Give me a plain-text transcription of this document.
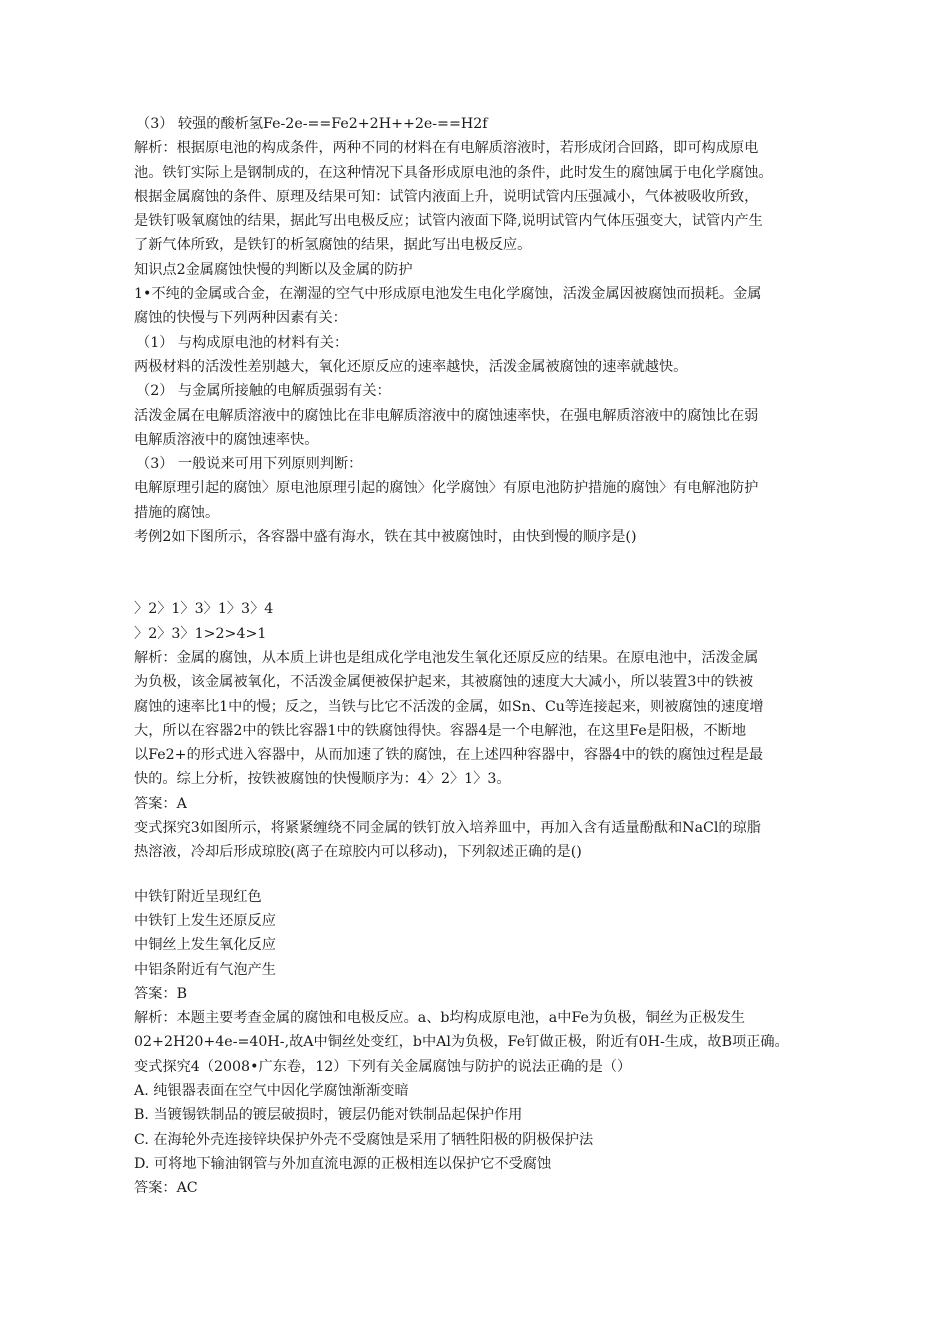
（3） 较强的酸析氢Fe-2e-==Fe2+2H++2e-==H2f
解析：根据原电池的构成条件，两种不同的材料在有电解质溶液时，若形成闭合回路，即可构成原电
池。铁钉实际上是钢制成的，在这种情况下具备形成原电池的条件，此时发生的腐蚀属于电化学腐蚀。
根据金属腐蚀的条件、原理及结果可知：试管内液面上升，说明试管内压强减小，气体被吸收所致，
是铁钉吸氧腐蚀的结果，据此写出电极反应；试管内液面下降,说明试管内气体压强变大，试管内产生
了新气体所致，是铁钉的析氢腐蚀的结果，据此写出电极反应。
知识点2金属腐蚀快慢的判断以及金属的防护
1•不纯的金属或合金，在潮湿的空气中形成原电池发生电化学腐蚀，活泼金属因被腐蚀而损耗。金属
腐蚀的快慢与下列两种因素有关：
（1） 与构成原电池的材料有关：
两极材料的活泼性差别越大，氧化还原反应的速率越快，活泼金属被腐蚀的速率就越快。
（2） 与金属所接触的电解质强弱有关：
活泼金属在电解质溶液中的腐蚀比在非电解质溶液中的腐蚀速率快，在强电解质溶液中的腐蚀比在弱
电解质溶液中的腐蚀速率快。
（3） 一般说来可用下列原则判断：
电解原理引起的腐蚀〉原电池原理引起的腐蚀〉化学腐蚀〉有原电池防护措施的腐蚀〉有电解池防护
措施的腐蚀。
考例2如下图所示，各容器中盛有海水，铁在其中被腐蚀时，由快到慢的顺序是()
〉2〉1〉3〉1〉3〉4
〉2〉3〉1>2>4>1
解析：金属的腐蚀，从本质上讲也是组成化学电池发生氧化还原反应的结果。在原电池中，活泼金属
为负极，该金属被氧化，不活泼金属便被保护起来，其被腐蚀的速度大大减小，所以装置3中的铁被
腐蚀的速率比1中的慢；反之，当铁与比它不活泼的金属，如Sn、Cu等连接起来，则被腐蚀的速度增
大，所以在容器2中的铁比容器1中的铁腐蚀得快。容器4是一个电解池，在这里Fe是阳极，不断地
以Fe2+的形式进入容器中，从而加速了铁的腐蚀，在上述四种容器中，容器4中的铁的腐蚀过程是最
快的。综上分析，按铁被腐蚀的快慢顺序为：4〉2〉1〉3。
答案：A
变式探究3如图所示，将紧紧缠绕不同金属的铁钉放入培养皿中，再加入含有适量酚酞和NaCl的琼脂
热溶液，冷却后形成琼胶(离子在琼胶内可以移动)，下列叙述正确的是()
中铁钉附近呈现红色
中铁钉上发生还原反应
中铜丝上发生氧化反应
中铝条附近有气泡产生
答案：B
解析：本题主要考查金属的腐蚀和电极反应。a、b均构成原电池，a中Fe为负极，铜丝为正极发生
02+2H20+4e-=40H-,故A中铜丝处变红，b中Al为负极，Fe钉做正极，附近有0H-生成，故B项正确。
变式探究4（2008•广东卷，12）下列有关金属腐蚀与防护的说法正确的是（）
A. 纯银器表面在空气中因化学腐蚀渐渐变暗
B. 当镀锡铁制品的镀层破损时，镀层仍能对铁制品起保护作用
C. 在海轮外壳连接锌块保护外壳不受腐蚀是采用了牺牲阳极的阴极保护法
D. 可将地下输油钢管与外加直流电源的正极相连以保护它不受腐蚀
答案：AC
